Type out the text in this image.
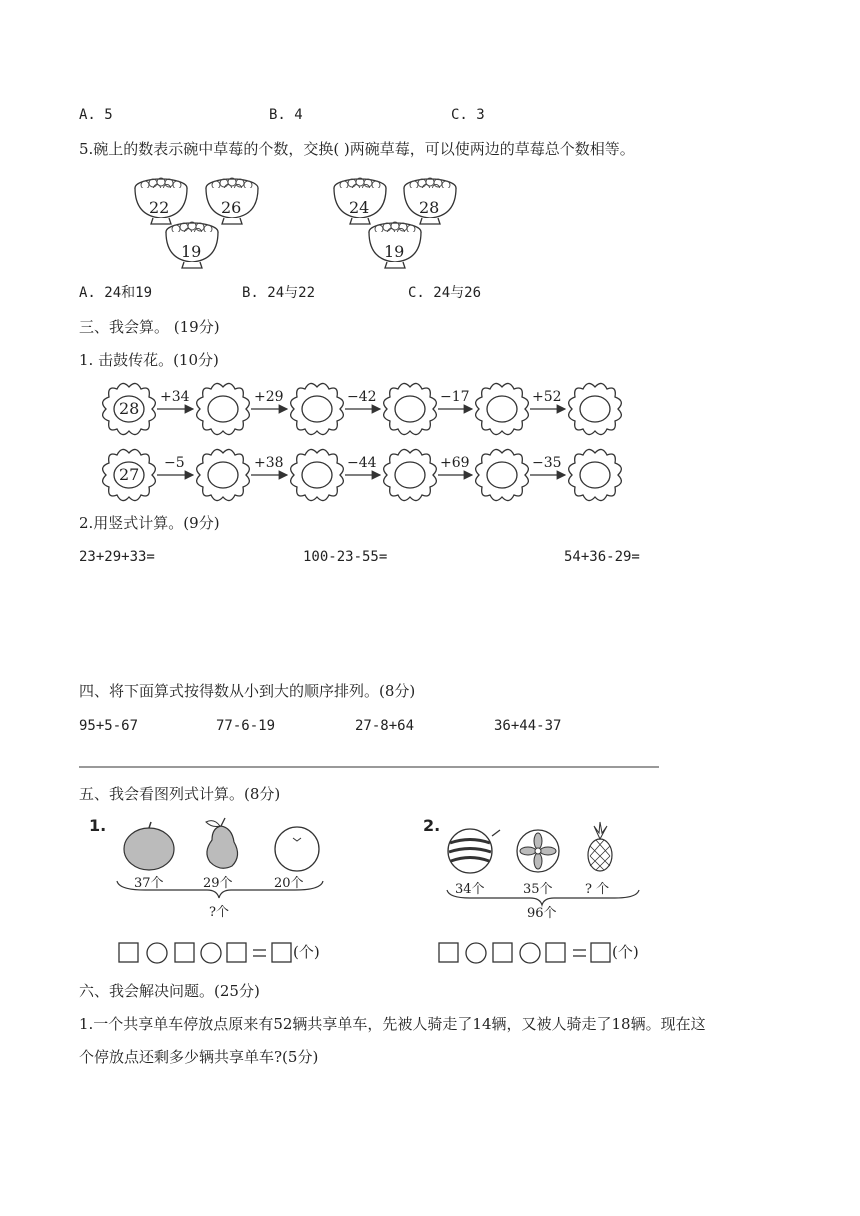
A. 5	B. 4	C. 3
5.碗上的数表示碗中草莓的个数，交换( )两碗草莓，可以使两边的草莓总个数相等。
22	26
19
24	28
19
A. 24和19	B. 24与22	C. 24与26
三、我会算。 (19分)
1. 击鼓传花。(10分)
28
+34	+29	−42	−17	+52
27
−5	+38	−44	+69	−35
2.用竖式计算。(9分)
23+29+33=	100-23-55=	54+36-29=
四、将下面算式按得数从小到大的顺序排列。(8分)
95+5-67	77-6-19	27-8+64	36+44-37
五、我会看图列式计算。(8分)
1.
37个	29个	20个
?个
2.
34个	35个 ? 个
96个
(个)	(个)
六、我会解决问题。(25分)
1.一个共享单车停放点原来有52辆共享单车，先被人骑走了14辆，又被人骑走了18辆。现在这
个停放点还剩多少辆共享单车?(5分)
